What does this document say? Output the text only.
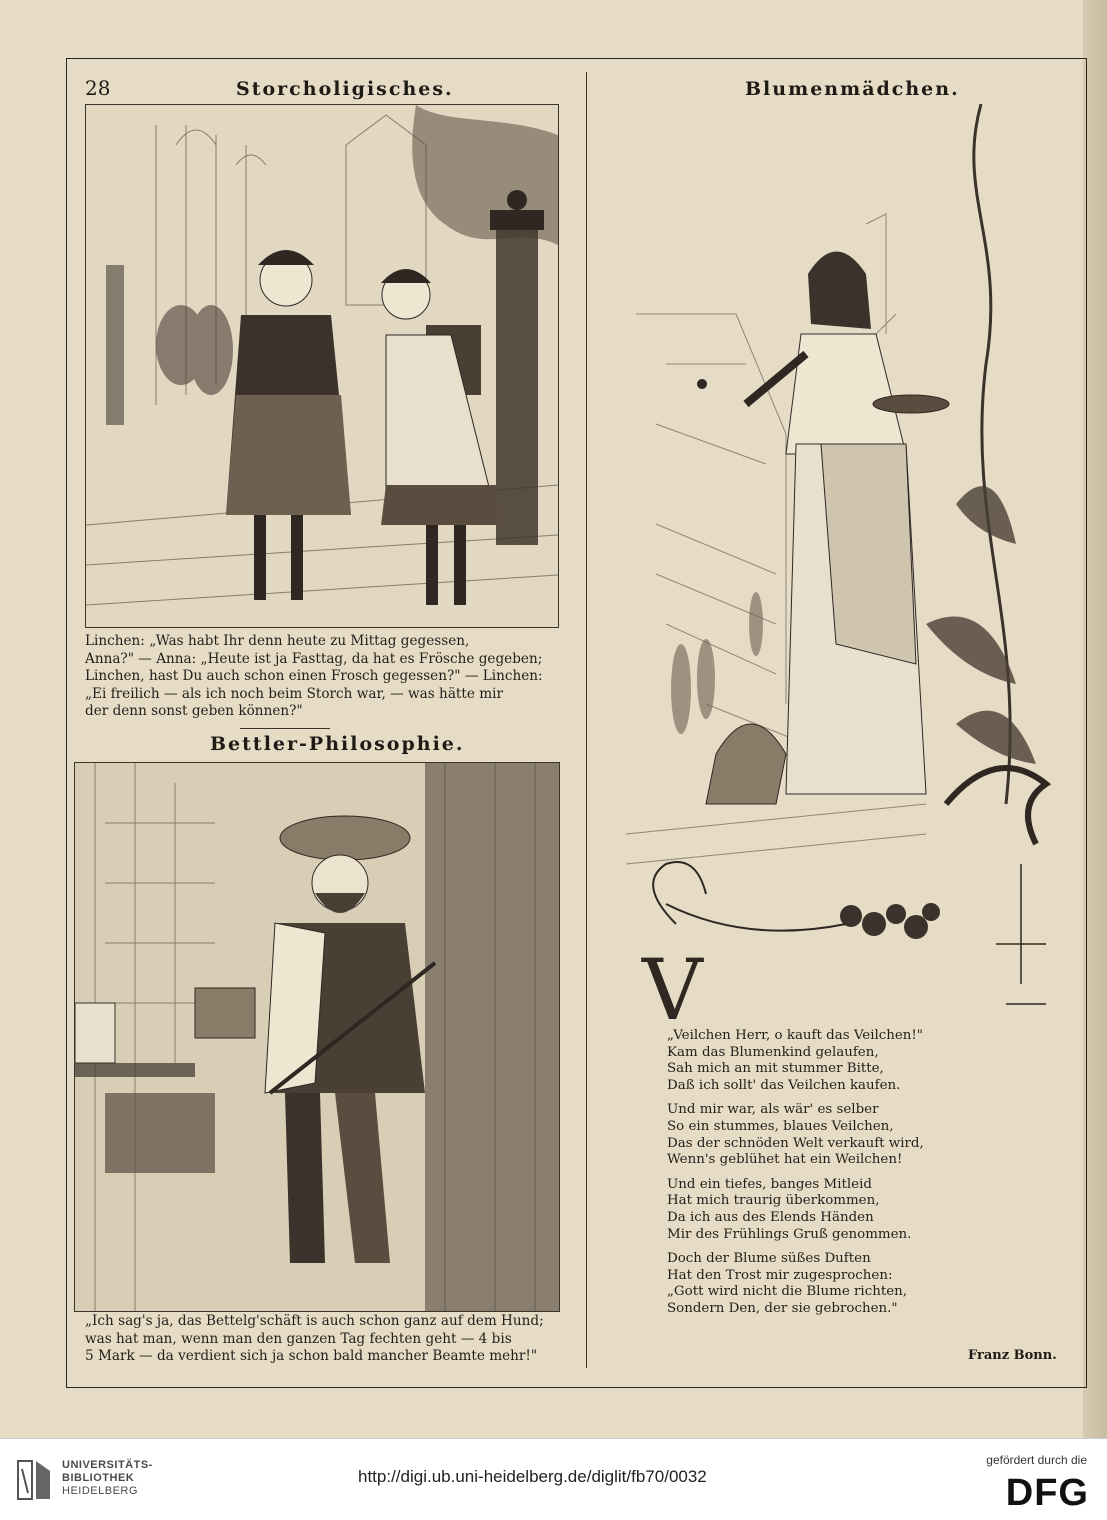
28	Storcholigisches.	Blumenmädchen.

Linchen: „Was habt Ihr denn heute zu Mittag gegessen,

Anna?" — Anna: „Heute ist ja Fasttag, da hat es Frösche gegeben;

Linchen, hast Du auch schon einen Frosch gegessen?" — Linchen:

„Ei freilich — als ich noch beim Storch war, — was hätte mir

der denn sonst geben können?"

Bettler-Philosophie.

„Ich sag's ja, das Bettelg'schäft is auch schon ganz auf dem Hund;

was hat man, wenn man den ganzen Tag fechten geht — 4 bis

5 Mark — da verdient sich ja schon bald mancher Beamte mehr!"

V
„Veilchen Herr, o kauft das Veilchen!"
Kam das Blumenkind gelaufen,
Sah mich an mit stummer Bitte,
Daß ich sollt' das Veilchen kaufen.
Und mir war, als wär' es selber
So ein stummes, blaues Veilchen,
Das der schnöden Welt verkauft wird,
Wenn's geblühet hat ein Weilchen!
Und ein tiefes, banges Mitleid
Hat mich traurig überkommen,
Da ich aus des Elends Händen
Mir des Frühlings Gruß genommen.
Doch der Blume süßes Duften
Hat den Trost mir zugesprochen:
„Gott wird nicht die Blume richten,
Sondern Den, der sie gebrochen."
Franz Bonn.
UNIVERSITÄTS-
BIBLIOTHEK
HEIDELBERG
http://digi.ub.uni-heidelberg.de/diglit/fb70/0032
gefördert durch die
DFG
